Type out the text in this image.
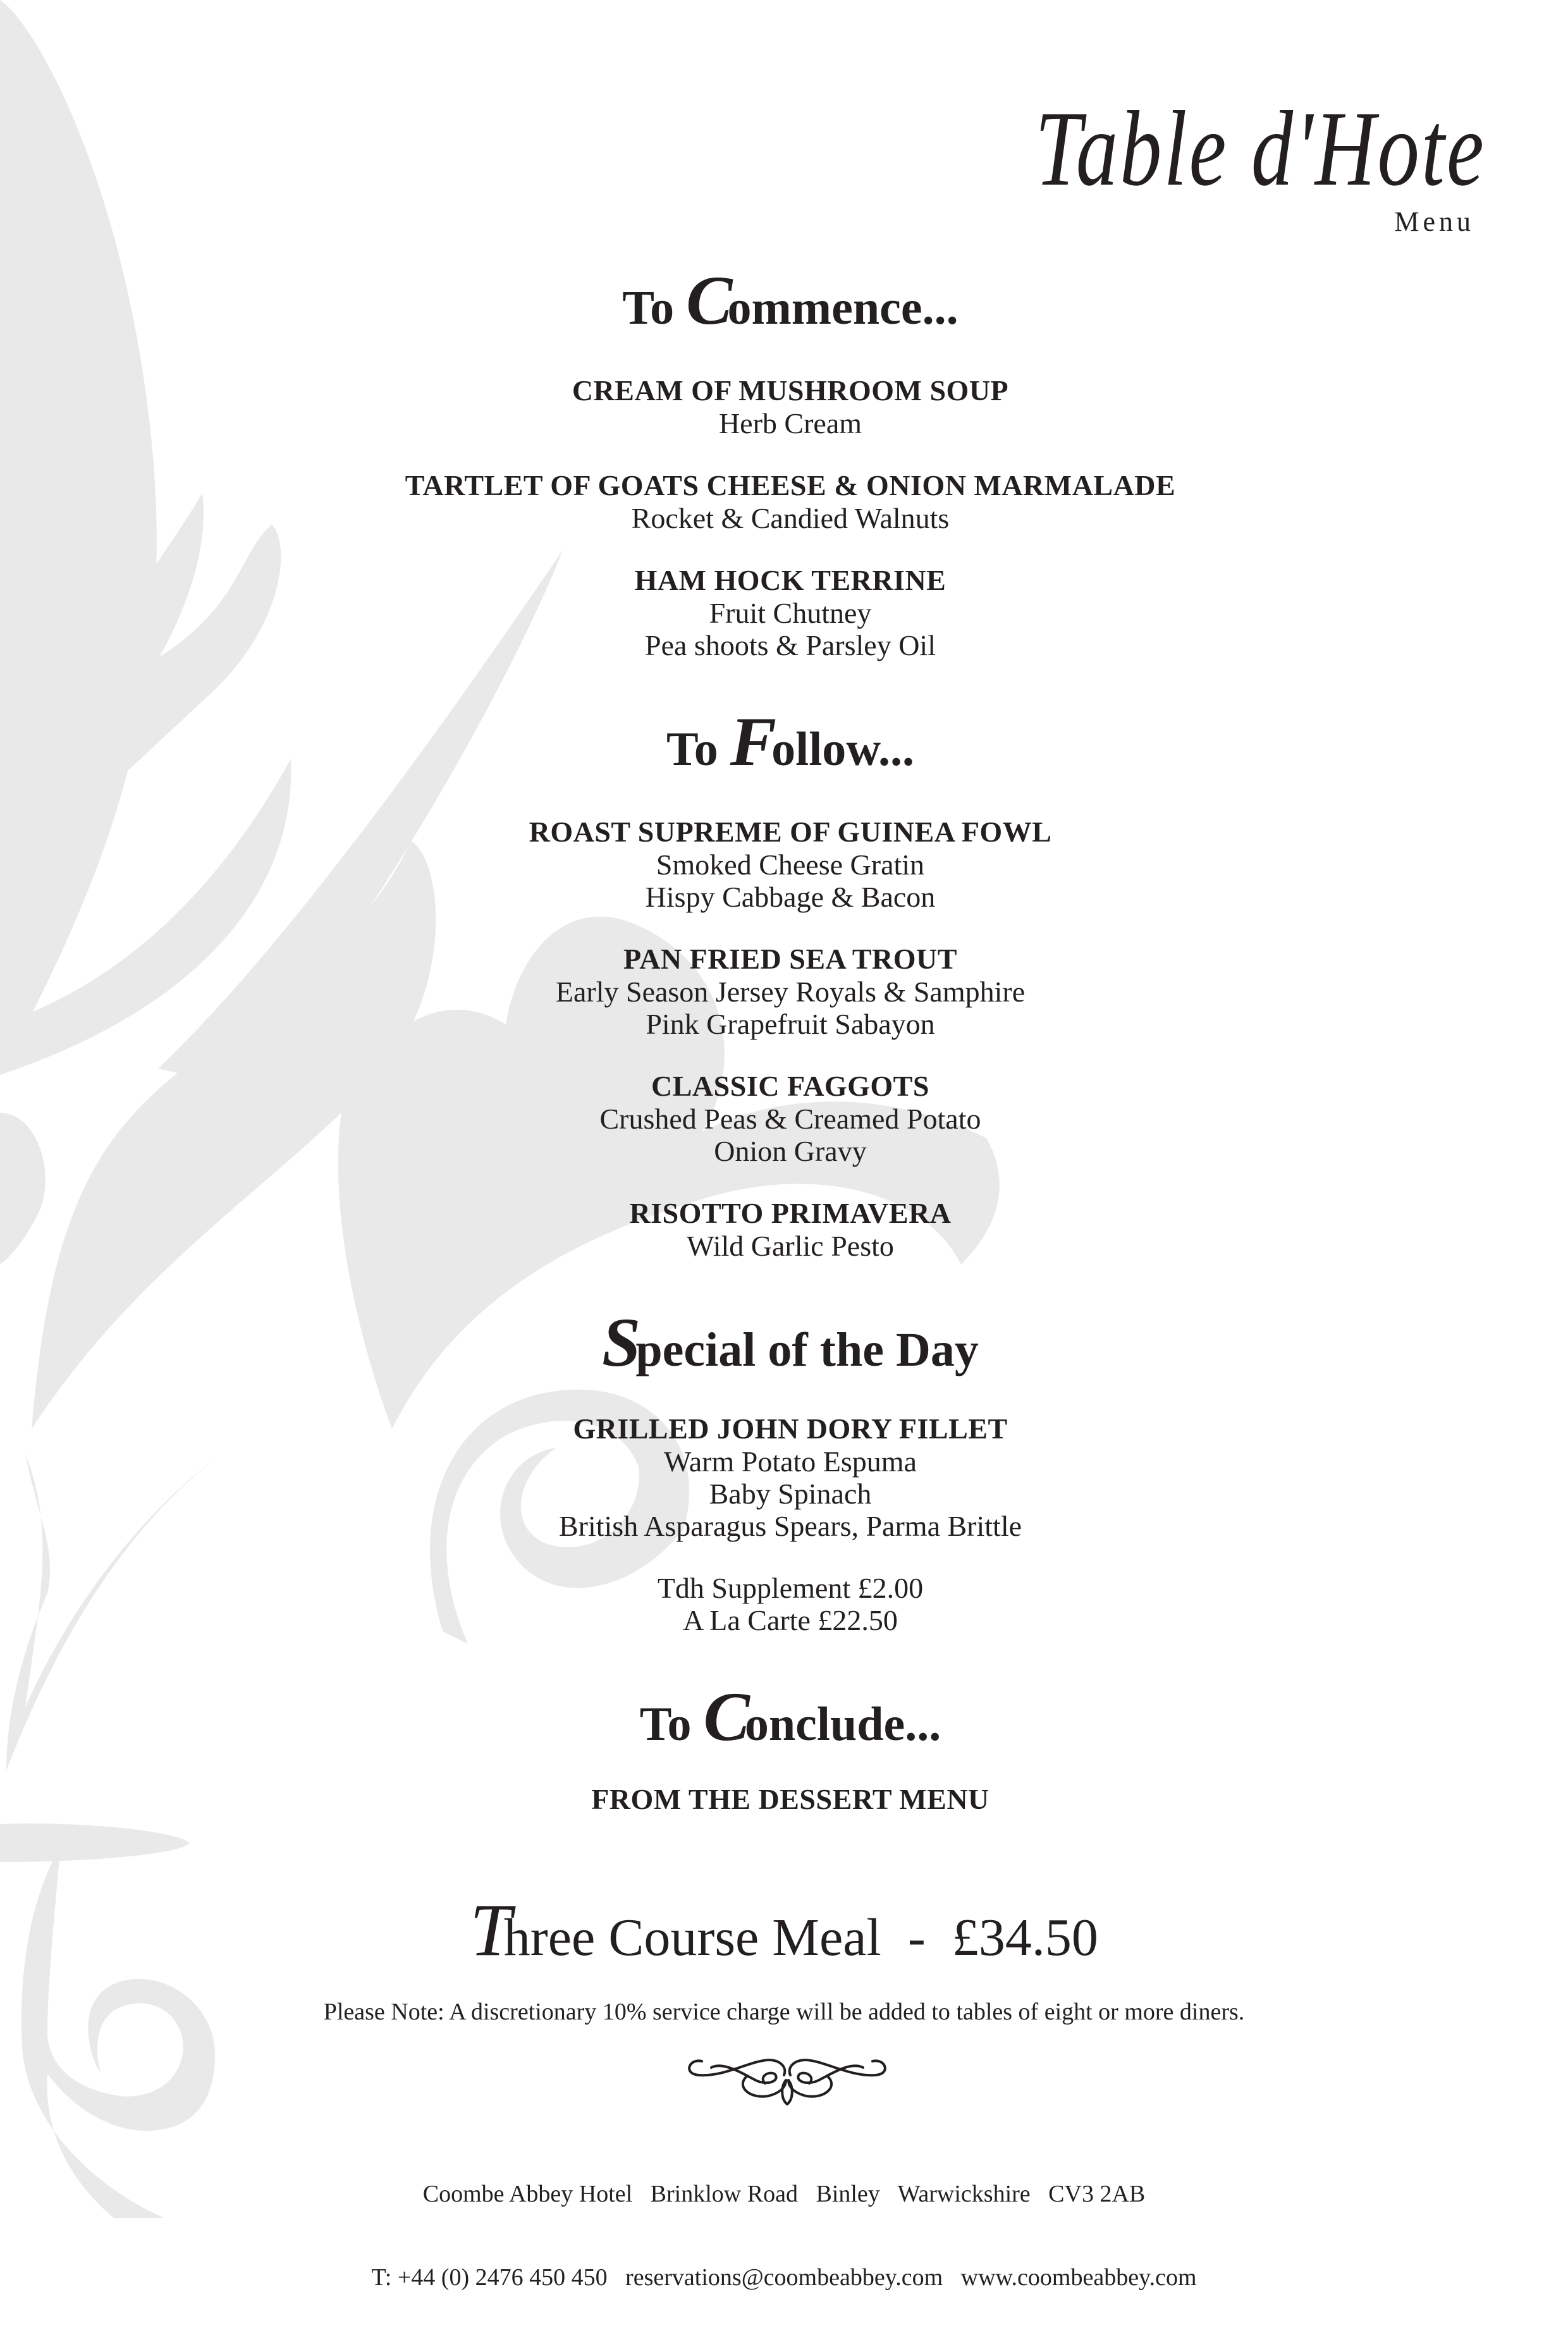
Table d'Hote
Menu
To Commence...
CREAM OF MUSHROOM SOUP
Herb Cream
TARTLET OF GOATS CHEESE & ONION MARMALADE
Rocket & Candied Walnuts
HAM HOCK TERRINE
Fruit Chutney
Pea shoots & Parsley Oil
To Follow...
ROAST SUPREME OF GUINEA FOWL
Smoked Cheese Gratin
Hispy Cabbage & Bacon
PAN FRIED SEA TROUT
Early Season Jersey Royals & Samphire
Pink Grapefruit Sabayon
CLASSIC FAGGOTS
Crushed Peas & Creamed Potato
Onion Gravy
RISOTTO PRIMAVERA
Wild Garlic Pesto
Special of the Day
GRILLED JOHN DORY FILLET
Warm Potato Espuma
Baby Spinach
British Asparagus Spears, Parma Brittle
Tdh Supplement £2.00
A La Carte £22.50
To Conclude...
FROM THE DESSERT MENU
Three Course Meal  -  £34.50
Please Note: A discretionary 10% service charge will be added to tables of eight or more diners.

Coombe Abbey Hotel   Brinklow Road   Binley   Warwickshire   CV3 2AB

T: +44 (0) 2476 450 450   reservations@coombeabbey.com   www.coombeabbey.com
